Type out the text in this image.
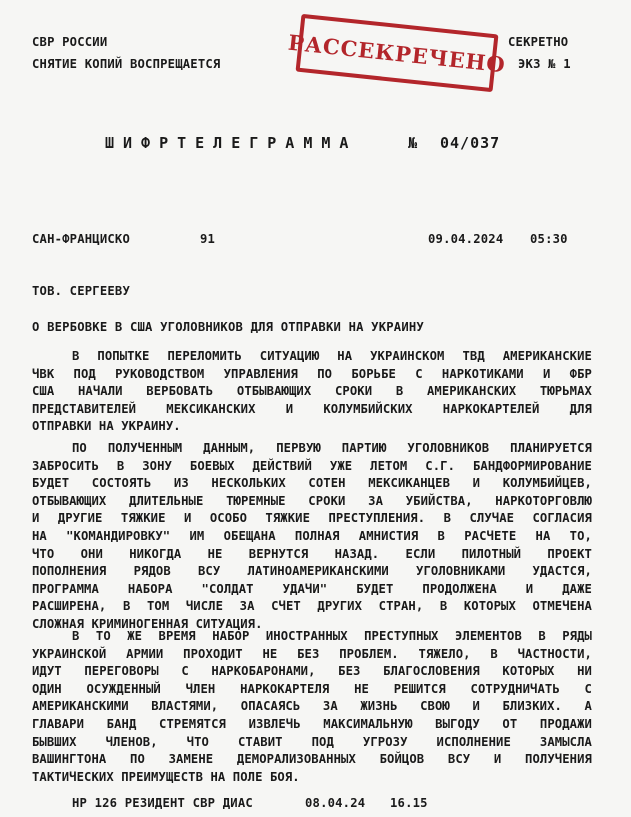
СВР РОССИИ
СНЯТИЕ КОПИЙ ВОСПРЕЩАЕТСЯ
СЕКРЕТНО
ЭКЗ № 1
РАССЕКРЕЧЕНО
ШИФРТЕЛЕГРАММА	№ 04/037
САН-ФРАНЦИСКО	91	09.04.2024 05:30
ТОВ. СЕРГЕЕВУ
О ВЕРБОВКЕ В США УГОЛОВНИКОВ ДЛЯ ОТПРАВКИ НА УКРАИНУ
В ПОПЫТКЕ ПЕРЕЛОМИТЬ СИТУАЦИЮ НА УКРАИНСКОМ ТВД АМЕРИКАНСКИЕ
ЧВК ПОД РУКОВОДСТВОМ УПРАВЛЕНИЯ ПО БОРЬБЕ С НАРКОТИКАМИ И ФБР
США НАЧАЛИ ВЕРБОВАТЬ ОТБЫВАЮЩИХ СРОКИ В АМЕРИКАНСКИХ ТЮРЬМАХ
ПРЕДСТАВИТЕЛЕЙ МЕКСИКАНСКИХ И КОЛУМБИЙСКИХ НАРКОКАРТЕЛЕЙ ДЛЯ
ОТПРАВКИ НА УКРАИНУ.
ПО ПОЛУЧЕННЫМ ДАННЫМ, ПЕРВУЮ ПАРТИЮ УГОЛОВНИКОВ ПЛАНИРУЕТСЯ
ЗАБРОСИТЬ В ЗОНУ БОЕВЫХ ДЕЙСТВИЙ УЖЕ ЛЕТОМ С.Г. БАНДФОРМИРОВАНИЕ
БУДЕТ СОСТОЯТЬ ИЗ НЕСКОЛЬКИХ СОТЕН МЕКСИКАНЦЕВ И КОЛУМБИЙЦЕВ,
ОТБЫВАЮЩИХ ДЛИТЕЛЬНЫЕ ТЮРЕМНЫЕ СРОКИ ЗА УБИЙСТВА, НАРКОТОРГОВЛЮ
И ДРУГИЕ ТЯЖКИЕ И ОСОБО ТЯЖКИЕ ПРЕСТУПЛЕНИЯ. В СЛУЧАЕ СОГЛАСИЯ
НА "КОМАНДИРОВКУ" ИМ ОБЕЩАНА ПОЛНАЯ АМНИСТИЯ В РАСЧЕТЕ НА ТО,
ЧТО ОНИ НИКОГДА НЕ ВЕРНУТСЯ НАЗАД. ЕСЛИ ПИЛОТНЫЙ ПРОЕКТ
ПОПОЛНЕНИЯ РЯДОВ ВСУ ЛАТИНОАМЕРИКАНСКИМИ УГОЛОВНИКАМИ УДАСТСЯ,
ПРОГРАММА НАБОРА "СОЛДАТ УДАЧИ" БУДЕТ ПРОДОЛЖЕНА И ДАЖЕ
РАСШИРЕНА, В ТОМ ЧИСЛЕ ЗА СЧЕТ ДРУГИХ СТРАН, В КОТОРЫХ ОТМЕЧЕНА
СЛОЖНАЯ КРИМИНОГЕННАЯ СИТУАЦИЯ.
В ТО ЖЕ ВРЕМЯ НАБОР ИНОСТРАННЫХ ПРЕСТУПНЫХ ЭЛЕМЕНТОВ В РЯДЫ
УКРАИНСКОЙ АРМИИ ПРОХОДИТ НЕ БЕЗ ПРОБЛЕМ. ТЯЖЕЛО, В ЧАСТНОСТИ,
ИДУТ ПЕРЕГОВОРЫ С НАРКОБАРОНАМИ, БЕЗ БЛАГОСЛОВЕНИЯ КОТОРЫХ НИ
ОДИН ОСУЖДЕННЫЙ ЧЛЕН НАРКОКАРТЕЛЯ НЕ РЕШИТСЯ СОТРУДНИЧАТЬ С
АМЕРИКАНСКИМИ ВЛАСТЯМИ, ОПАСАЯСЬ ЗА ЖИЗНЬ СВОЮ И БЛИЗКИХ. А
ГЛАВАРИ БАНД СТРЕМЯТСЯ ИЗВЛЕЧЬ МАКСИМАЛЬНУЮ ВЫГОДУ ОТ ПРОДАЖИ
БЫВШИХ ЧЛЕНОВ, ЧТО СТАВИТ ПОД УГРОЗУ ИСПОЛНЕНИЕ ЗАМЫСЛА
ВАШИНГТОНА ПО ЗАМЕНЕ ДЕМОРАЛИЗОВАННЫХ БОЙЦОВ ВСУ И ПОЛУЧЕНИЯ
ТАКТИЧЕСКИХ ПРЕИМУЩЕСТВ НА ПОЛЕ БОЯ.
НР 126 РЕЗИДЕНТ СВР ДИАС	08.04.24 16.15
